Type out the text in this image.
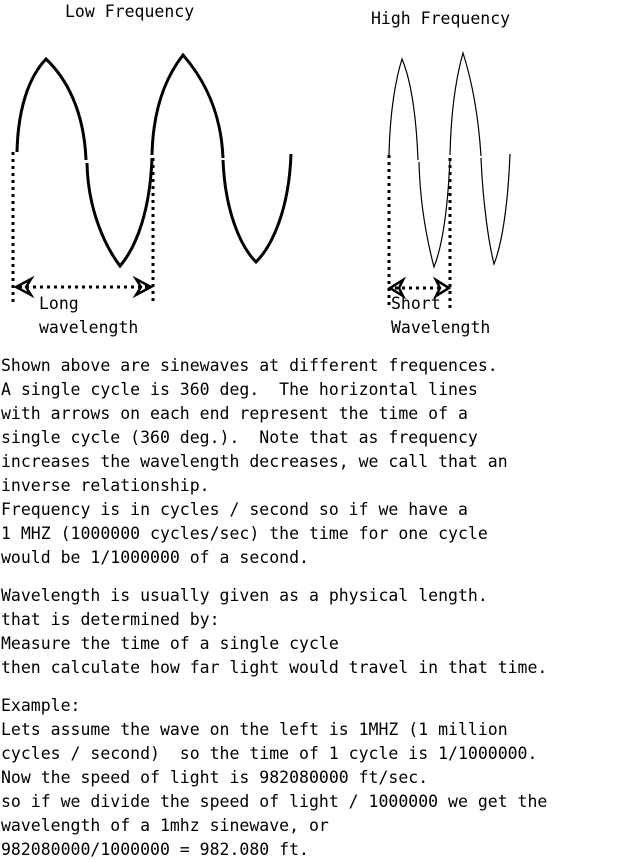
Low Frequency	High Frequency
Long
wavelength
Short
Wavelength
Shown above are sinewaves at different frequences.
A single cycle is 360 deg.  The horizontal lines
with arrows on each end represent the time of a
single cycle (360 deg.).  Note that as frequency
increases the wavelength decreases, we call that an
inverse relationship.
Frequency is in cycles / second so if we have a
1 MHZ (1000000 cycles/sec) the time for one cycle
would be 1/1000000 of a second.
Wavelength is usually given as a physical length.
that is determined by:
Measure the time of a single cycle
then calculate how far light would travel in that time.
Example:
Lets assume the wave on the left is 1MHZ (1 million
cycles / second)  so the time of 1 cycle is 1/1000000.
Now the speed of light is 982080000 ft/sec.
so if we divide the speed of light / 1000000 we get the
wavelength of a 1mhz sinewave, or
982080000/1000000 = 982.080 ft.
